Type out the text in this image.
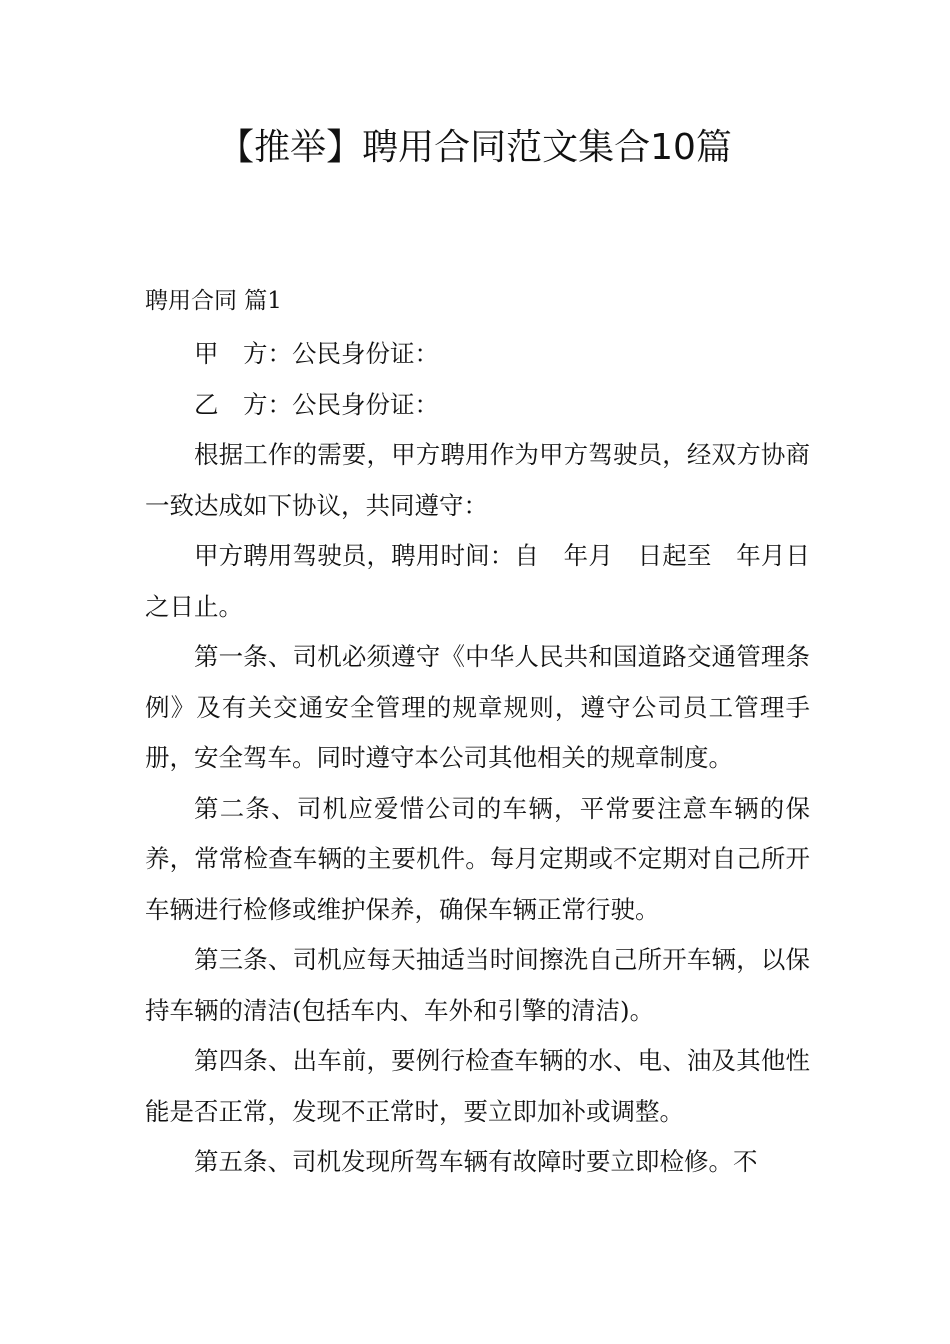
【推举】聘用合同范文集合10篇

聘用合同 篇1

甲　方：公民身份证：

乙　方：公民身份证：

根据工作的需要，甲方聘用作为甲方驾驶员，经双方协商一致达成如下协议，共同遵守：

甲方聘用驾驶员，聘用时间：自　年月　日起至　年月日之日止。

第一条、司机必须遵守《中华人民共和国道路交通管理条例》及有关交通安全管理的规章规则，遵守公司员工管理手册，安全驾车。同时遵守本公司其他相关的规章制度。

第二条、司机应爱惜公司的车辆，平常要注意车辆的保养，常常检查车辆的主要机件。每月定期或不定期对自己所开车辆进行检修或维护保养，确保车辆正常行驶。

第三条、司机应每天抽适当时间擦洗自己所开车辆，以保持车辆的清洁(包括车内、车外和引擎的清洁)。

第四条、出车前，要例行检查车辆的水、电、油及其他性能是否正常，发现不正常时，要立即加补或调整。

第五条、司机发现所驾车辆有故障时要立即检修。不
